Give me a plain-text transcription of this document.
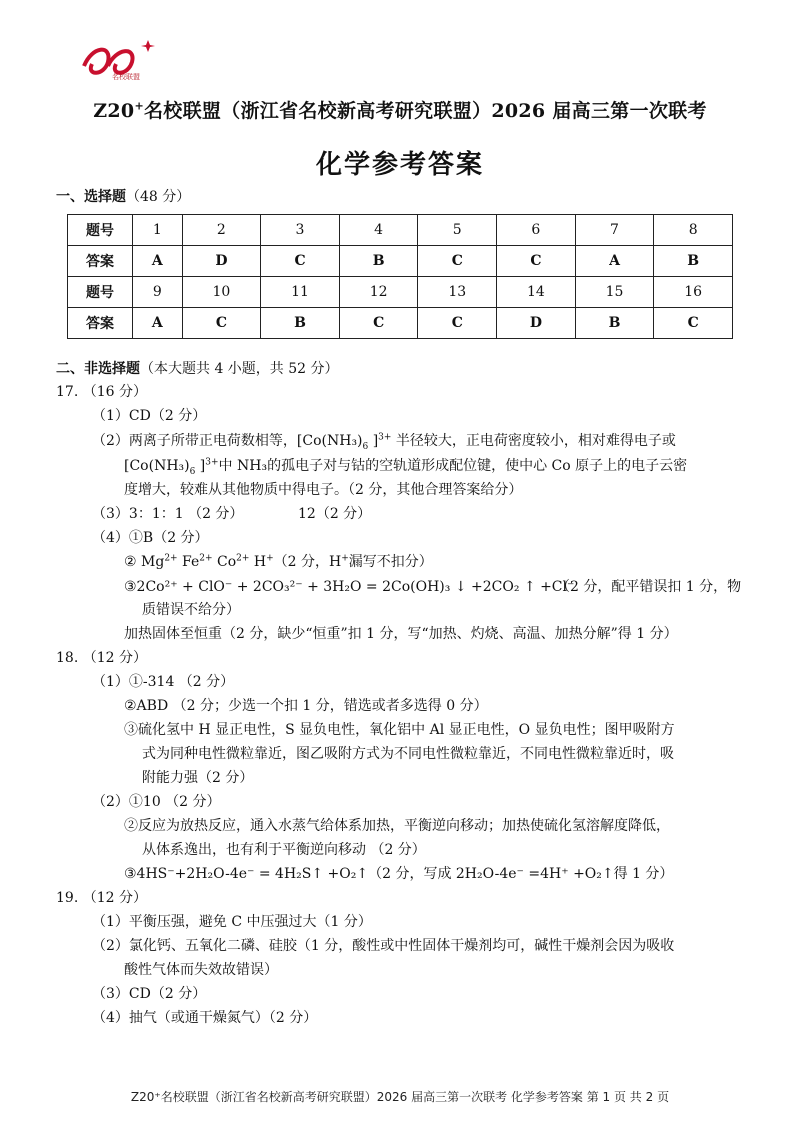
名校联盟
Z20+名校联盟（浙江省名校新高考研究联盟）2026 届高三第一次联考
化学参考答案
一、选择题（48 分）
题号	1	2	3	4	5	6	7	8
答案	A	D	C	B	C	C	A	B
题号	9	10	11	12	13	14	15	16
答案	A	C	B	C	C	D	B	C
二、非选择题（本大题共 4 小题，共 52 分）
17. （16 分）
（1）CD（2 分）
（2）两离子所带正电荷数相等，[$Co(NH_3)_6$ ]$^{3+}$ 半径较大，正电荷密度较小，相对难得电子或
[$Co(NH_3)_6$ ]$^{3+}$中 NH₃的孤电子对与钴的空轨道形成配位键，使中心 Co 原子上的电子云密
度增大，较难从其他物质中得电子。（2 分，其他合理答案给分）
（3）3：1：1 （2 分）	12（2 分）
（4）①B（2 分）
② $Mg^{2+}$ $Fe^{2+}$ $Co^{2+}$ H+（2 分，H+漏写不扣分）
③2Co²⁺ + ClO⁻ + 2CO₃²⁻ + 3H₂O = 2Co(OH)₃ ↓ +2CO₂ ↑ +Cl⁻
（2 分，配平错误扣 1 分，物
质错误不给分）
加热固体至恒重（2 分，缺少“恒重”扣 1 分，写“加热、灼烧、高温、加热分解”得 1 分）
18. （12 分）
（1）①-314 （2 分）
②ABD （2 分；少选一个扣 1 分，错选或者多选得 0 分）
③硫化氢中 H 显正电性，S 显负电性，氧化铝中 Al 显正电性，O 显负电性；图甲吸附方
式为同种电性微粒靠近，图乙吸附方式为不同电性微粒靠近，不同电性微粒靠近时，吸
附能力强（2 分）
（2）①10 （2 分）
②反应为放热反应，通入水蒸气给体系加热，平衡逆向移动；加热使硫化氢溶解度降低，
从体系逸出，也有利于平衡逆向移动 （2 分）
③4HS⁻+2H₂O-4e⁻ = 4H₂S↑ +O₂↑（2 分，写成 2H₂O-4e⁻ =4H⁺ +O₂↑得 1 分）
19. （12 分）
（1）平衡压强，避免 C 中压强过大（1 分）
（2）氯化钙、五氧化二磷、硅胶（1 分，酸性或中性固体干燥剂均可，碱性干燥剂会因为吸收
酸性气体而失效故错误）
（3）CD（2 分）
（4）抽气（或通干燥氮气）（2 分）
Z20⁺名校联盟（浙江省名校新高考研究联盟）2026 届高三第一次联考 化学参考答案 第 1 页 共 2 页
